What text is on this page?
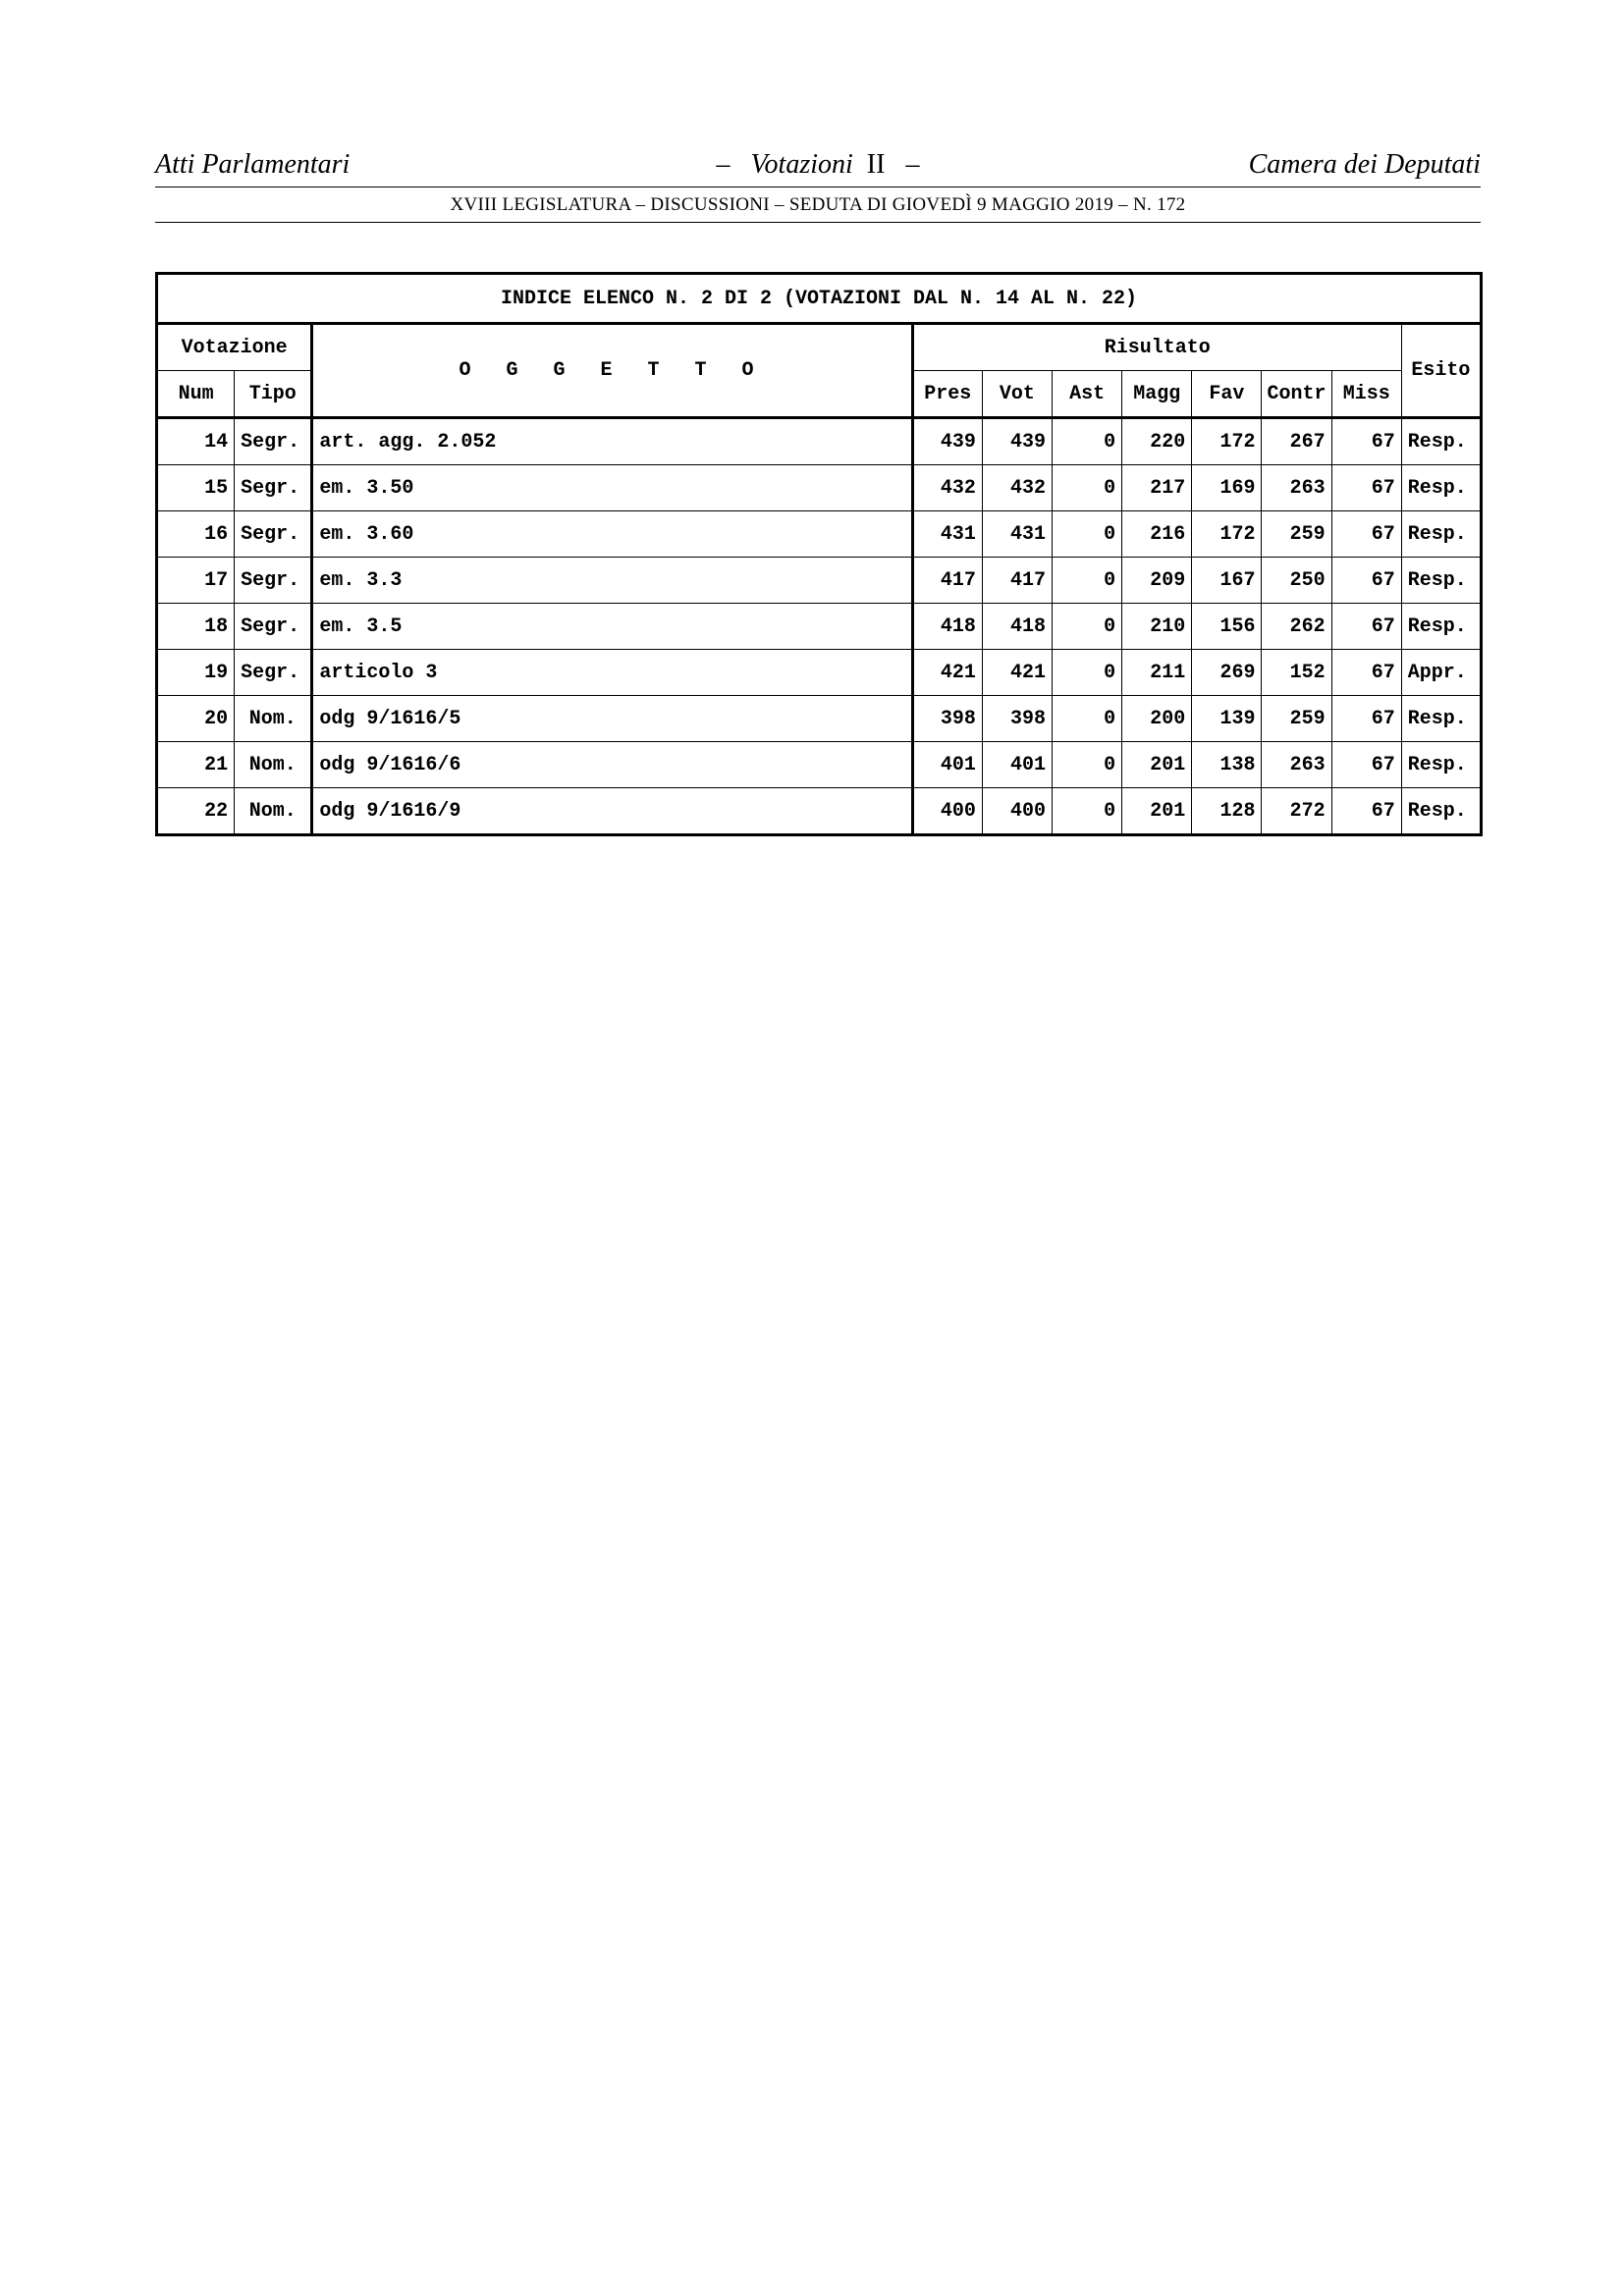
Atti Parlamentari	– Votazioni II –	Camera dei Deputati
XVIII LEGISLATURA – DISCUSSIONI – SEDUTA DI GIOVEDÌ 9 MAGGIO 2019 – N. 172
INDICE ELENCO N. 2 DI 2 (VOTAZIONI DAL N. 14 AL N. 22)										
Votazione		O G G E T T O	Risultato							Esito
Num	Tipo		Pres	Vot	Ast	Magg	Fav	Contr	Miss	
14	Segr.	art. agg. 2.052	439	439	0	220	172	267	67	Resp.
15	Segr.	em. 3.50	432	432	0	217	169	263	67	Resp.
16	Segr.	em. 3.60	431	431	0	216	172	259	67	Resp.
17	Segr.	em. 3.3	417	417	0	209	167	250	67	Resp.
18	Segr.	em. 3.5	418	418	0	210	156	262	67	Resp.
19	Segr.	articolo 3	421	421	0	211	269	152	67	Appr.
20	Nom.	odg 9/1616/5	398	398	0	200	139	259	67	Resp.
21	Nom.	odg 9/1616/6	401	401	0	201	138	263	67	Resp.
22	Nom.	odg 9/1616/9	400	400	0	201	128	272	67	Resp.
